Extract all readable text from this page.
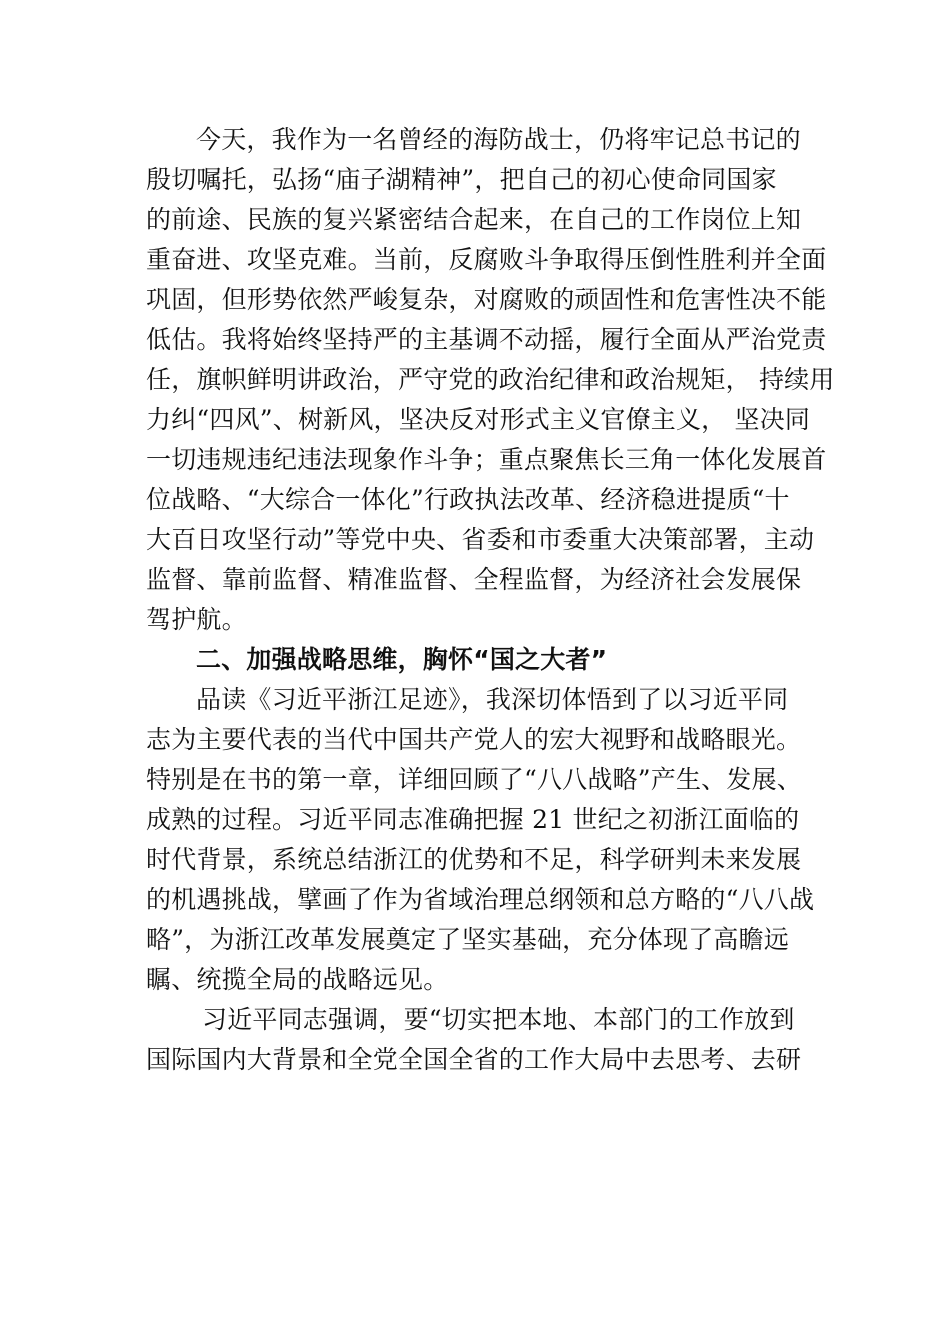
今天，我作为一名曾经的海防战士，仍将牢记总书记的
殷切嘱托，弘扬“庙子湖精神”，把自己的初心使命同国家
的前途、民族的复兴紧密结合起来，在自己的工作岗位上知
重奋进、攻坚克难。当前，反腐败斗争取得压倒性胜利并全面
巩固，但形势依然严峻复杂，对腐败的顽固性和危害性决不能
低估。我将始终坚持严的主基调不动摇，履行全面从严治党责
任，旗帜鲜明讲政治，严守党的政治纪律和政治规矩， 持续用
力纠“四风”、树新风，坚决反对形式主义官僚主义， 坚决同
一切违规违纪违法现象作斗争；重点聚焦长三角一体化发展首
位战略、“大综合一体化”行政执法改革、经济稳进提质“十
大百日攻坚行动”等党中央、省委和市委重大决策部署，主动
监督、靠前监督、精准监督、全程监督，为经济社会发展保
驾护航。
二、加强战略思维，胸怀“国之大者”
品读《习近平浙江足迹》，我深切体悟到了以习近平同
志为主要代表的当代中国共产党人的宏大视野和战略眼光。
特别是在书的第一章，详细回顾了“八八战略”产生、发展、
成熟的过程。习近平同志准确把握 21 世纪之初浙江面临的
时代背景，系统总结浙江的优势和不足，科学研判未来发展
的机遇挑战，擘画了作为省域治理总纲领和总方略的“八八战
略”，为浙江改革发展奠定了坚实基础，充分体现了高瞻远
瞩、统揽全局的战略远见。
习近平同志强调，要“切实把本地、本部门的工作放到
国际国内大背景和全党全国全省的工作大局中去思考、去研
